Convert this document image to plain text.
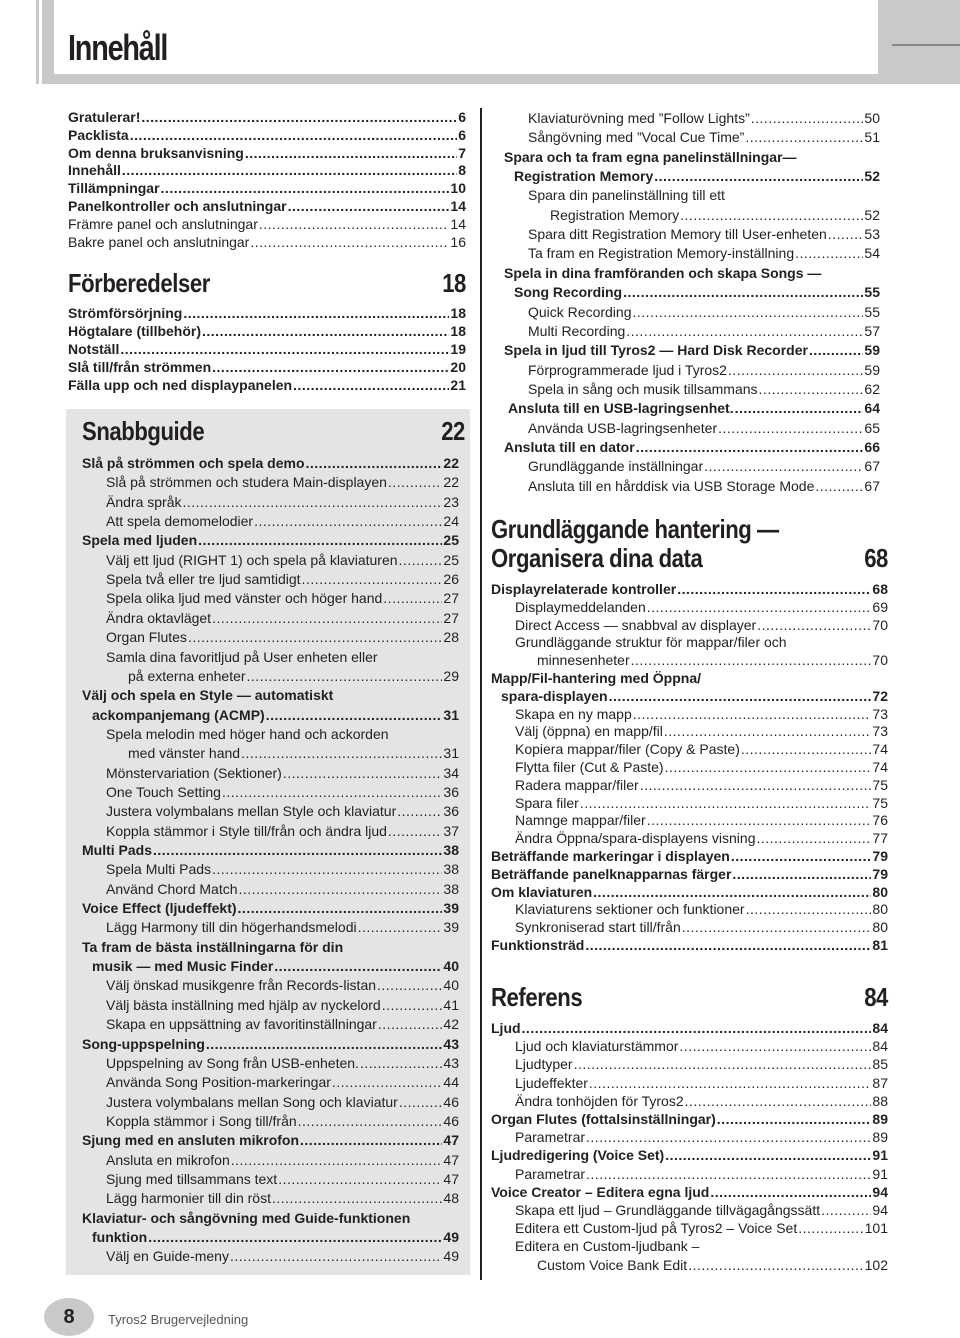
Innehåll
Gratulerar! .....	6
Packlista .....	6
Om denna bruksanvisning .....	7
Innehåll .....	8
Tillämpningar .....	10
Panelkontroller och anslutningar .....	14
Främre panel och anslutningar .....	14
Bakre panel och anslutningar .....	16
Förberedelser	18
Strömförsörjning .....	18
Högtalare (tillbehör) .....	18
Notställ .....	19
Slå till/från strömmen .....	20
Fälla upp och ned displaypanelen .....	21
Snabbguide	22
Slå på strömmen och spela demo .....	22
Slå på strömmen och studera Main-displayen .....	22
Ändra språk .....	23
Att spela demomelodier .....	24
Spela med ljuden .....	25
Välj ett ljud (RIGHT 1) och spela på klaviaturen .....	25
Spela två eller tre ljud samtidigt .....	26
Spela olika ljud med vänster och höger hand .....	27
Ändra oktavläget .....	27
Organ Flutes .....	28
Samla dina favoritljud på User enheten eller
på externa enheter .....	29
Välj och spela en Style — automatiskt
ackompanjemang (ACMP) .....	31
Spela melodin med höger hand och ackorden
med vänster hand .....	31
Mönstervariation (Sektioner) .....	34
One Touch Setting .....	36
Justera volymbalans mellan Style och klaviatur .....	36
Koppla stämmor i Style till/från och ändra ljud .....	37
Multi Pads .....	38
Spela Multi Pads .....	38
Använd Chord Match .....	38
Voice Effect (ljudeffekt) .....	39
Lägg Harmony till din högerhandsmelodi .....	39
Ta fram de bästa inställningarna för din
musik — med Music Finder .....	40
Välj önskad musikgenre från Records-listan .....	40
Välj bästa inställning med hjälp av nyckelord .....	41
Skapa en uppsättning av favoritinställningar .....	42
Song-uppspelning .....	43
Uppspelning av Song från USB-enheten. .....	43
Använda Song Position-markeringar .....	44
Justera volymbalans mellan Song och klaviatur .....	46
Koppla stämmor i Song till/från .....	46
Sjung med en ansluten mikrofon .....	47
Ansluta en mikrofon .....	47
Sjung med tillsammans text .....	47
Lägg harmonier till din röst .....	48
Klaviatur- och sångövning med Guide-funktionen
funktion .....	49
Välj en Guide-meny .....	49
Klaviaturövning med ”Follow Lights” .....	50
Sångövning med ”Vocal Cue Time” .....	51
Spara och ta fram egna panelinställningar—
Registration Memory .....	52
Spara din panelinställning till ett
Registration Memory .....	52
Spara ditt Registration Memory till User-enheten .....	53
Ta fram en Registration Memory-inställning .....	54
Spela in dina framföranden och skapa Songs —
Song Recording .....	55
Quick Recording .....	55
Multi Recording .....	57
Spela in ljud till Tyros2 — Hard Disk Recorder .....	59
Förprogrammerade ljud i Tyros2 .....	59
Spela in sång och musik tillsammans .....	62
Ansluta till en USB-lagringsenhet. .....	64
Använda USB-lagringsenheter .....	65
Ansluta till en dator .....	66
Grundläggande inställningar .....	67
Ansluta till en hårddisk via USB Storage Mode .....	67
Grundläggande hantering —
Organisera dina data	68
Displayrelaterade kontroller .....	68
Displaymeddelanden .....	69
Direct Access — snabbval av displayer .....	70
Grundläggande struktur för mappar/filer och
minnesenheter .....	70
Mapp/Fil-hantering med Öppna/
spara-displayen .....	72
Skapa en ny mapp .....	73
Välj (öppna) en mapp/fil .....	73
Kopiera mappar/filer (Copy & Paste) .....	74
Flytta filer (Cut & Paste) .....	74
Radera mappar/filer .....	75
Spara filer .....	75
Namnge mappar/filer .....	76
Ändra Öppna/spara-displayens visning .....	77
Beträffande markeringar i displayen .....	79
Beträffande panelknapparnas färger .....	79
Om klaviaturen .....	80
Klaviaturens sektioner och funktioner .....	80
Synkroniserad start till/från .....	80
Funktionsträd .....	81
Referens	84
Ljud .....	84
Ljud och klaviaturstämmor .....	84
Ljudtyper .....	85
Ljudeffekter .....	87
Ändra tonhöjden för Tyros2 .....	88
Organ Flutes (fottalsinställningar) .....	89
Parametrar .....	89
Ljudredigering (Voice Set) .....	91
Parametrar .....	91
Voice Creator – Editera egna ljud .....	94
Skapa ett ljud – Grundläggande tillvägagångssätt .....	94
Editera ett Custom-ljud på Tyros2 – Voice Set .....	101
Editera en Custom-ljudbank –
Custom Voice Bank Edit .....	102
8	Tyros2 Brugervejledning
